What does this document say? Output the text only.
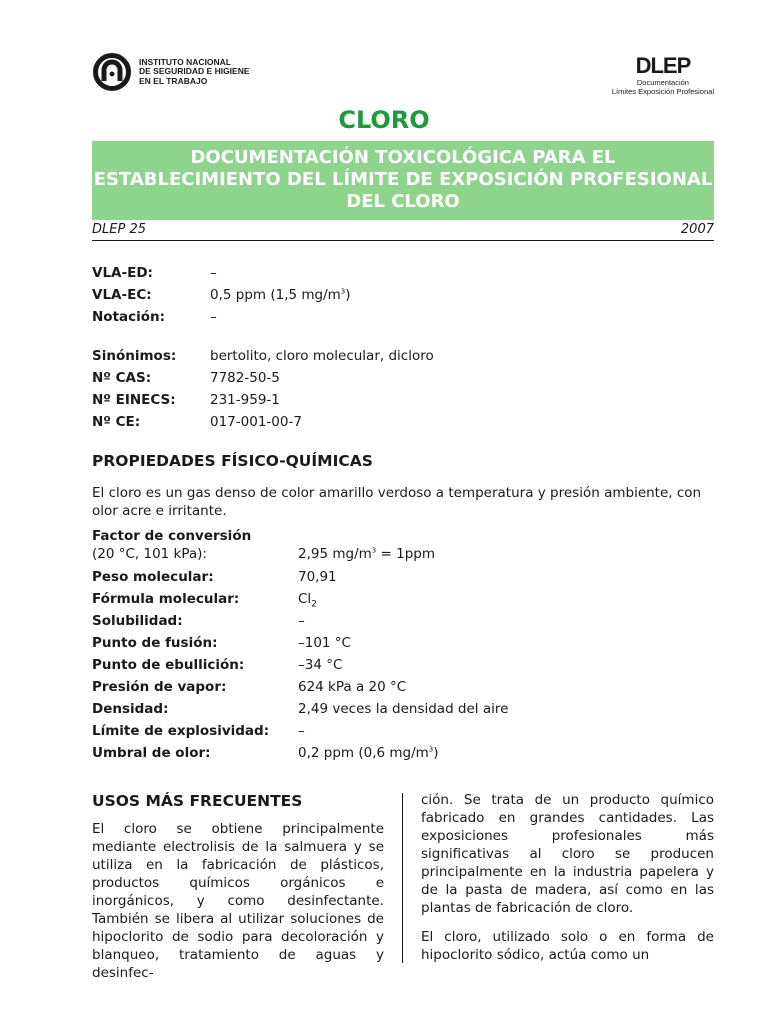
INSTITUTO NACIONAL
DE SEGURIDAD E HIGIENE
EN EL TRABAJO
DLEP
Documentación
Límites Exposición Profesional
CLORO
DOCUMENTACIÓN TOXICOLÓGICA PARA EL
ESTABLECIMIENTO DEL LÍMITE DE EXPOSICIÓN PROFESIONAL
DEL CLORO
DLEP 25	2007
VLA-ED:	–
VLA-EC:	0,5 ppm (1,5 $mg/m^3$)
Notación:	–
Sinónimos:	bertolito, cloro molecular, dicloro
Nº CAS:	7782-50-5
Nº EINECS:	231-959-1
Nº CE:	017-001-00-7
PROPIEDADES FÍSICO-QUÍMICAS
El cloro es un gas denso de color amarillo verdoso a temperatura y presión ambiente, con olor acre e irritante.
Factor de conversión
(20 °C, 101 kPa):	2,95 $mg/m^3 = 1ppm$
Peso molecular:	70,91
Fórmula molecular:	$Cl_2$
Solubilidad:	–
Punto de fusión:	–101 °C
Punto de ebullición:	–34 °C
Presión de vapor:	624 kPa a 20 °C
Densidad:	2,49 veces la densidad del aire
Límite de explosividad: –
Umbral de olor:	0,2 ppm (0,6 $mg/m^3$)
USOS MÁS FRECUENTES

El cloro se obtiene principalmente mediante electrolisis de la salmuera y se utiliza en la fabricación de plásticos, productos químicos orgánicos e inorgánicos, y como desinfectante. También se libera al utilizar soluciones de hipoclorito de sodio para decoloración y blanqueo, tratamiento de aguas y desinfec-

ción. Se trata de un producto químico fabricado en grandes cantidades. Las exposiciones profesionales más significativas al cloro se producen principalmente en la industria papelera y de la pasta de madera, así como en las plantas de fabricación de cloro.

El cloro, utilizado solo o en forma de hipoclorito sódico, actúa como un
